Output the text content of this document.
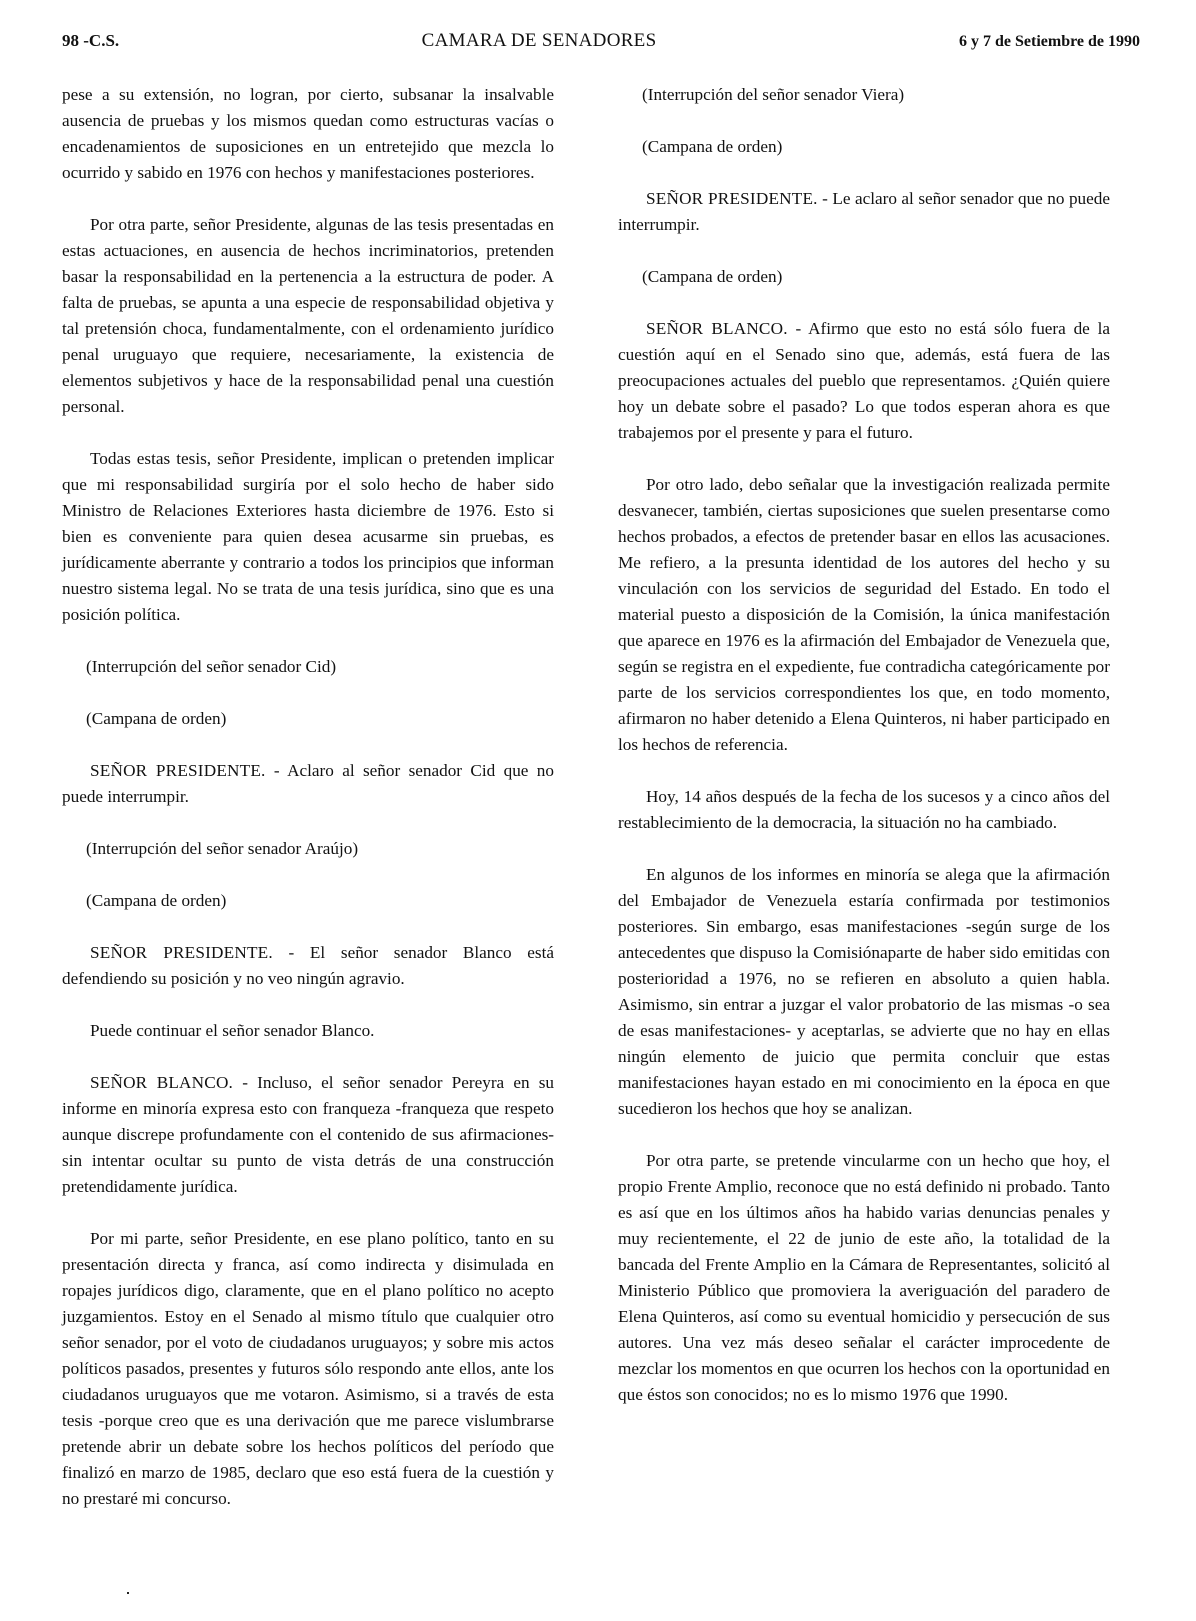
98 -C.S.	CAMARA DE SENADORES	6 y 7 de Setiembre de 1990

pese a su extensión, no logran, por cierto, subsanar la insalvable ausencia de pruebas y los mismos quedan como estructuras vacías o encadenamientos de suposiciones en un entretejido que mezcla lo ocurrido y sabido en 1976 con hechos y manifestaciones posteriores.

Por otra parte, señor Presidente, algunas de las tesis presentadas en estas actuaciones, en ausencia de hechos incriminatorios, pretenden basar la responsabilidad en la pertenencia a la estructura de poder. A falta de pruebas, se apunta a una especie de responsabilidad objetiva y tal pretensión choca, fundamentalmente, con el ordenamiento jurídico penal uruguayo que requiere, necesariamente, la existencia de elementos subjetivos y hace de la responsabilidad penal una cuestión personal.

Todas estas tesis, señor Presidente, implican o pretenden implicar que mi responsabilidad surgiría por el solo hecho de haber sido Ministro de Relaciones Exteriores hasta diciembre de 1976. Esto si bien es conveniente para quien desea acusarme sin pruebas, es jurídicamente aberrante y contrario a todos los principios que informan nuestro sistema legal. No se trata de una tesis jurídica, sino que es una posición política.

(Interrupción del señor senador Cid)

(Campana de orden)

SEÑOR PRESIDENTE. - Aclaro al señor senador Cid que no puede interrumpir.

(Interrupción del señor senador Araújo)

(Campana de orden)

SEÑOR PRESIDENTE. - El señor senador Blanco está defendiendo su posición y no veo ningún agravio.

Puede continuar el señor senador Blanco.

SEÑOR BLANCO. - Incluso, el señor senador Pereyra en su informe en minoría expresa esto con franqueza -franqueza que respeto aunque discrepe profundamente con el contenido de sus afirmaciones- sin intentar ocultar su punto de vista detrás de una construcción pretendidamente jurídica.

Por mi parte, señor Presidente, en ese plano político, tanto en su presentación directa y franca, así como indirecta y disimulada en ropajes jurídicos digo, claramente, que en el plano político no acepto juzgamientos. Estoy en el Senado al mismo título que cualquier otro señor senador, por el voto de ciudadanos uruguayos; y sobre mis actos políticos pasados, presentes y futuros sólo respondo ante ellos, ante los ciudadanos uruguayos que me votaron. Asimismo, si a través de esta tesis -porque creo que es una derivación que me parece vislumbrarse pretende abrir un debate sobre los hechos políticos del período que finalizó en marzo de 1985, declaro que eso está fuera de la cuestión y no prestaré mi concurso.

(Interrupción del señor senador Viera)

(Campana de orden)

SEÑOR PRESIDENTE. - Le aclaro al señor senador que no puede interrumpir.

(Campana de orden)

SEÑOR BLANCO. - Afirmo que esto no está sólo fuera de la cuestión aquí en el Senado sino que, además, está fuera de las preocupaciones actuales del pueblo que representamos. ¿Quién quiere hoy un debate sobre el pasado? Lo que todos esperan ahora es que trabajemos por el presente y para el futuro.

Por otro lado, debo señalar que la investigación realizada permite desvanecer, también, ciertas suposiciones que suelen presentarse como hechos probados, a efectos de pretender basar en ellos las acusaciones. Me refiero, a la presunta identidad de los autores del hecho y su vinculación con los servicios de seguridad del Estado. En todo el material puesto a disposición de la Comisión, la única manifestación que aparece en 1976 es la afirmación del Embajador de Venezuela que, según se registra en el expediente, fue contradicha categóricamente por parte de los servicios correspondientes los que, en todo momento, afirmaron no haber detenido a Elena Quinteros, ni haber participado en los hechos de referencia.

Hoy, 14 años después de la fecha de los sucesos y a cinco años del restablecimiento de la democracia, la situación no ha cambiado.

En algunos de los informes en minoría se alega que la afirmación del Embajador de Venezuela estaría confirmada por testimonios posteriores. Sin embargo, esas manifestaciones -según surge de los antecedentes que dispuso la Comisiónaparte de haber sido emitidas con posterioridad a 1976, no se refieren en absoluto a quien habla. Asimismo, sin entrar a juzgar el valor probatorio de las mismas -o sea de esas manifestaciones- y aceptarlas, se advierte que no hay en ellas ningún elemento de juicio que permita concluir que estas manifestaciones hayan estado en mi conocimiento en la época en que sucedieron los hechos que hoy se analizan.

Por otra parte, se pretende vincularme con un hecho que hoy, el propio Frente Amplio, reconoce que no está definido ni probado. Tanto es así que en los últimos años ha habido varias denuncias penales y muy recientemente, el 22 de junio de este año, la totalidad de la bancada del Frente Amplio en la Cámara de Representantes, solicitó al Ministerio Público que promoviera la averiguación del paradero de Elena Quinteros, así como su eventual homicidio y persecución de sus autores. Una vez más deseo señalar el carácter improcedente de mezclar los momentos en que ocurren los hechos con la oportunidad en que éstos son conocidos; no es lo mismo 1976 que 1990.
